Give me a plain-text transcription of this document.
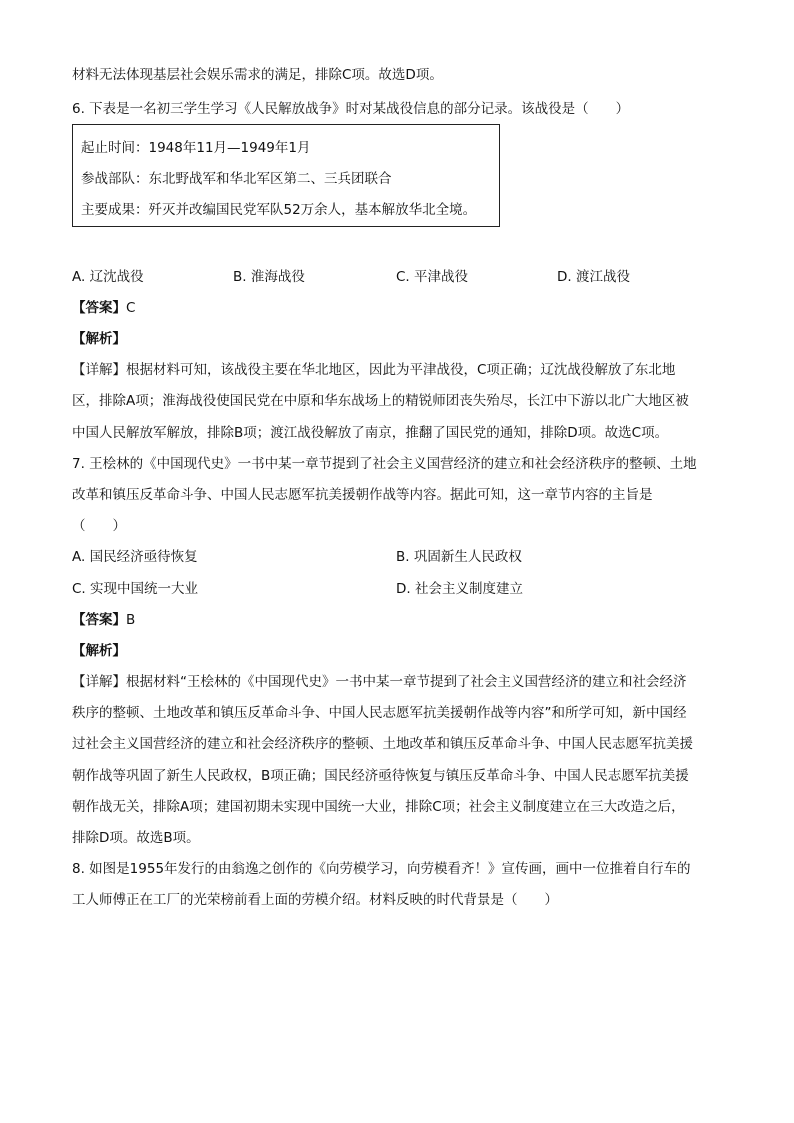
材料无法体现基层社会娱乐需求的满足，排除C项。故选D项。
6. 下表是一名初三学生学习《人民解放战争》时对某战役信息的部分记录。该战役是（　　）
起止时间：1948年11月—1949年1月
参战部队：东北野战军和华北军区第二、三兵团联合
主要成果：歼灭并改编国民党军队52万余人，基本解放华北全境。
A. 辽沈战役	B. 淮海战役	C. 平津战役	D. 渡江战役
【答案】C
【解析】
【详解】根据材料可知，该战役主要在华北地区，因此为平津战役，C项正确；辽沈战役解放了东北地
区，排除A项；淮海战役使国民党在中原和华东战场上的精锐师团丧失殆尽，长江中下游以北广大地区被
中国人民解放军解放，排除B项；渡江战役解放了南京，推翻了国民党的通知，排除D项。故选C项。
7. 王桧林的《中国现代史》一书中某一章节提到了社会主义国营经济的建立和社会经济秩序的整顿、土地
改革和镇压反革命斗争、中国人民志愿军抗美援朝作战等内容。据此可知，这一章节内容的主旨是
（　　）
A. 国民经济亟待恢复	B. 巩固新生人民政权
C. 实现中国统一大业	D. 社会主义制度建立
【答案】B
【解析】
【详解】根据材料“王桧林的《中国现代史》一书中某一章节提到了社会主义国营经济的建立和社会经济
秩序的整顿、土地改革和镇压反革命斗争、中国人民志愿军抗美援朝作战等内容”和所学可知，新中国经
过社会主义国营经济的建立和社会经济秩序的整顿、土地改革和镇压反革命斗争、中国人民志愿军抗美援
朝作战等巩固了新生人民政权，B项正确；国民经济亟待恢复与镇压反革命斗争、中国人民志愿军抗美援
朝作战无关，排除A项；建国初期未实现中国统一大业，排除C项；社会主义制度建立在三大改造之后，
排除D项。故选B项。
8. 如图是1955年发行的由翁逸之创作的《向劳模学习，向劳模看齐！》宣传画，画中一位推着自行车的
工人师傅正在工厂的光荣榜前看上面的劳模介绍。材料反映的时代背景是（　　）
